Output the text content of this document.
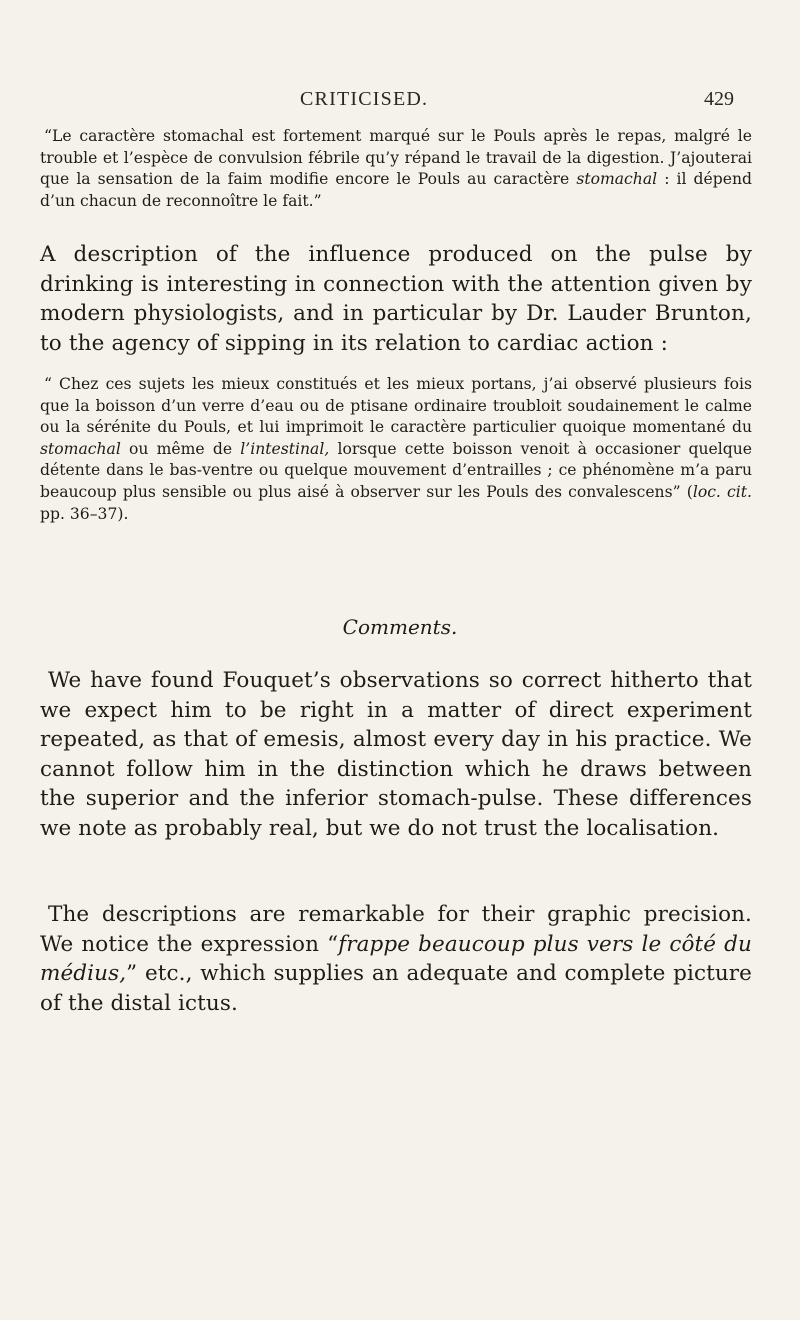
CRITICISED.	429

“Le caractère stomachal est fortement marqué sur le Pouls après le repas, malgré le trouble et l’espèce de convulsion fébrile qu’y répand le travail de la digestion. J’ajouterai que la sensation de la faim modifie encore le Pouls au caractère stomachal : il dépend d’un chacun de reconnoître le fait.”

A description of the influence produced on the pulse by drinking is interesting in connection with the attention given by modern physiologists, and in particular by Dr. Lauder Brunton, to the agency of sipping in its relation to cardiac action :

“ Chez ces sujets les mieux constitués et les mieux portans, j’ai observé plusieurs fois que la boisson d’un verre d’eau ou de ptisane ordinaire troubloit soudainement le calme ou la sérénite du Pouls, et lui imprimoit le caractère particulier quoique momentané du stomachal ou même de l’intestinal, lorsque cette boisson venoit à occasioner quelque détente dans le bas-ventre ou quelque mouvement d’entrailles ; ce phénomène m’a paru beaucoup plus sensible ou plus aisé à observer sur les Pouls des convalescens” (loc. cit. pp. 36–37).

Comments.

We have found Fouquet’s observations so correct hitherto that we expect him to be right in a matter of direct experiment repeated, as that of emesis, almost every day in his practice. We cannot follow him in the distinction which he draws between the superior and the inferior stomach-pulse. These differences we note as probably real, but we do not trust the localisation.

The descriptions are remarkable for their graphic precision. We notice the expression “frappe beaucoup plus vers le côté du médius,” etc., which supplies an adequate and complete picture of the distal ictus.
